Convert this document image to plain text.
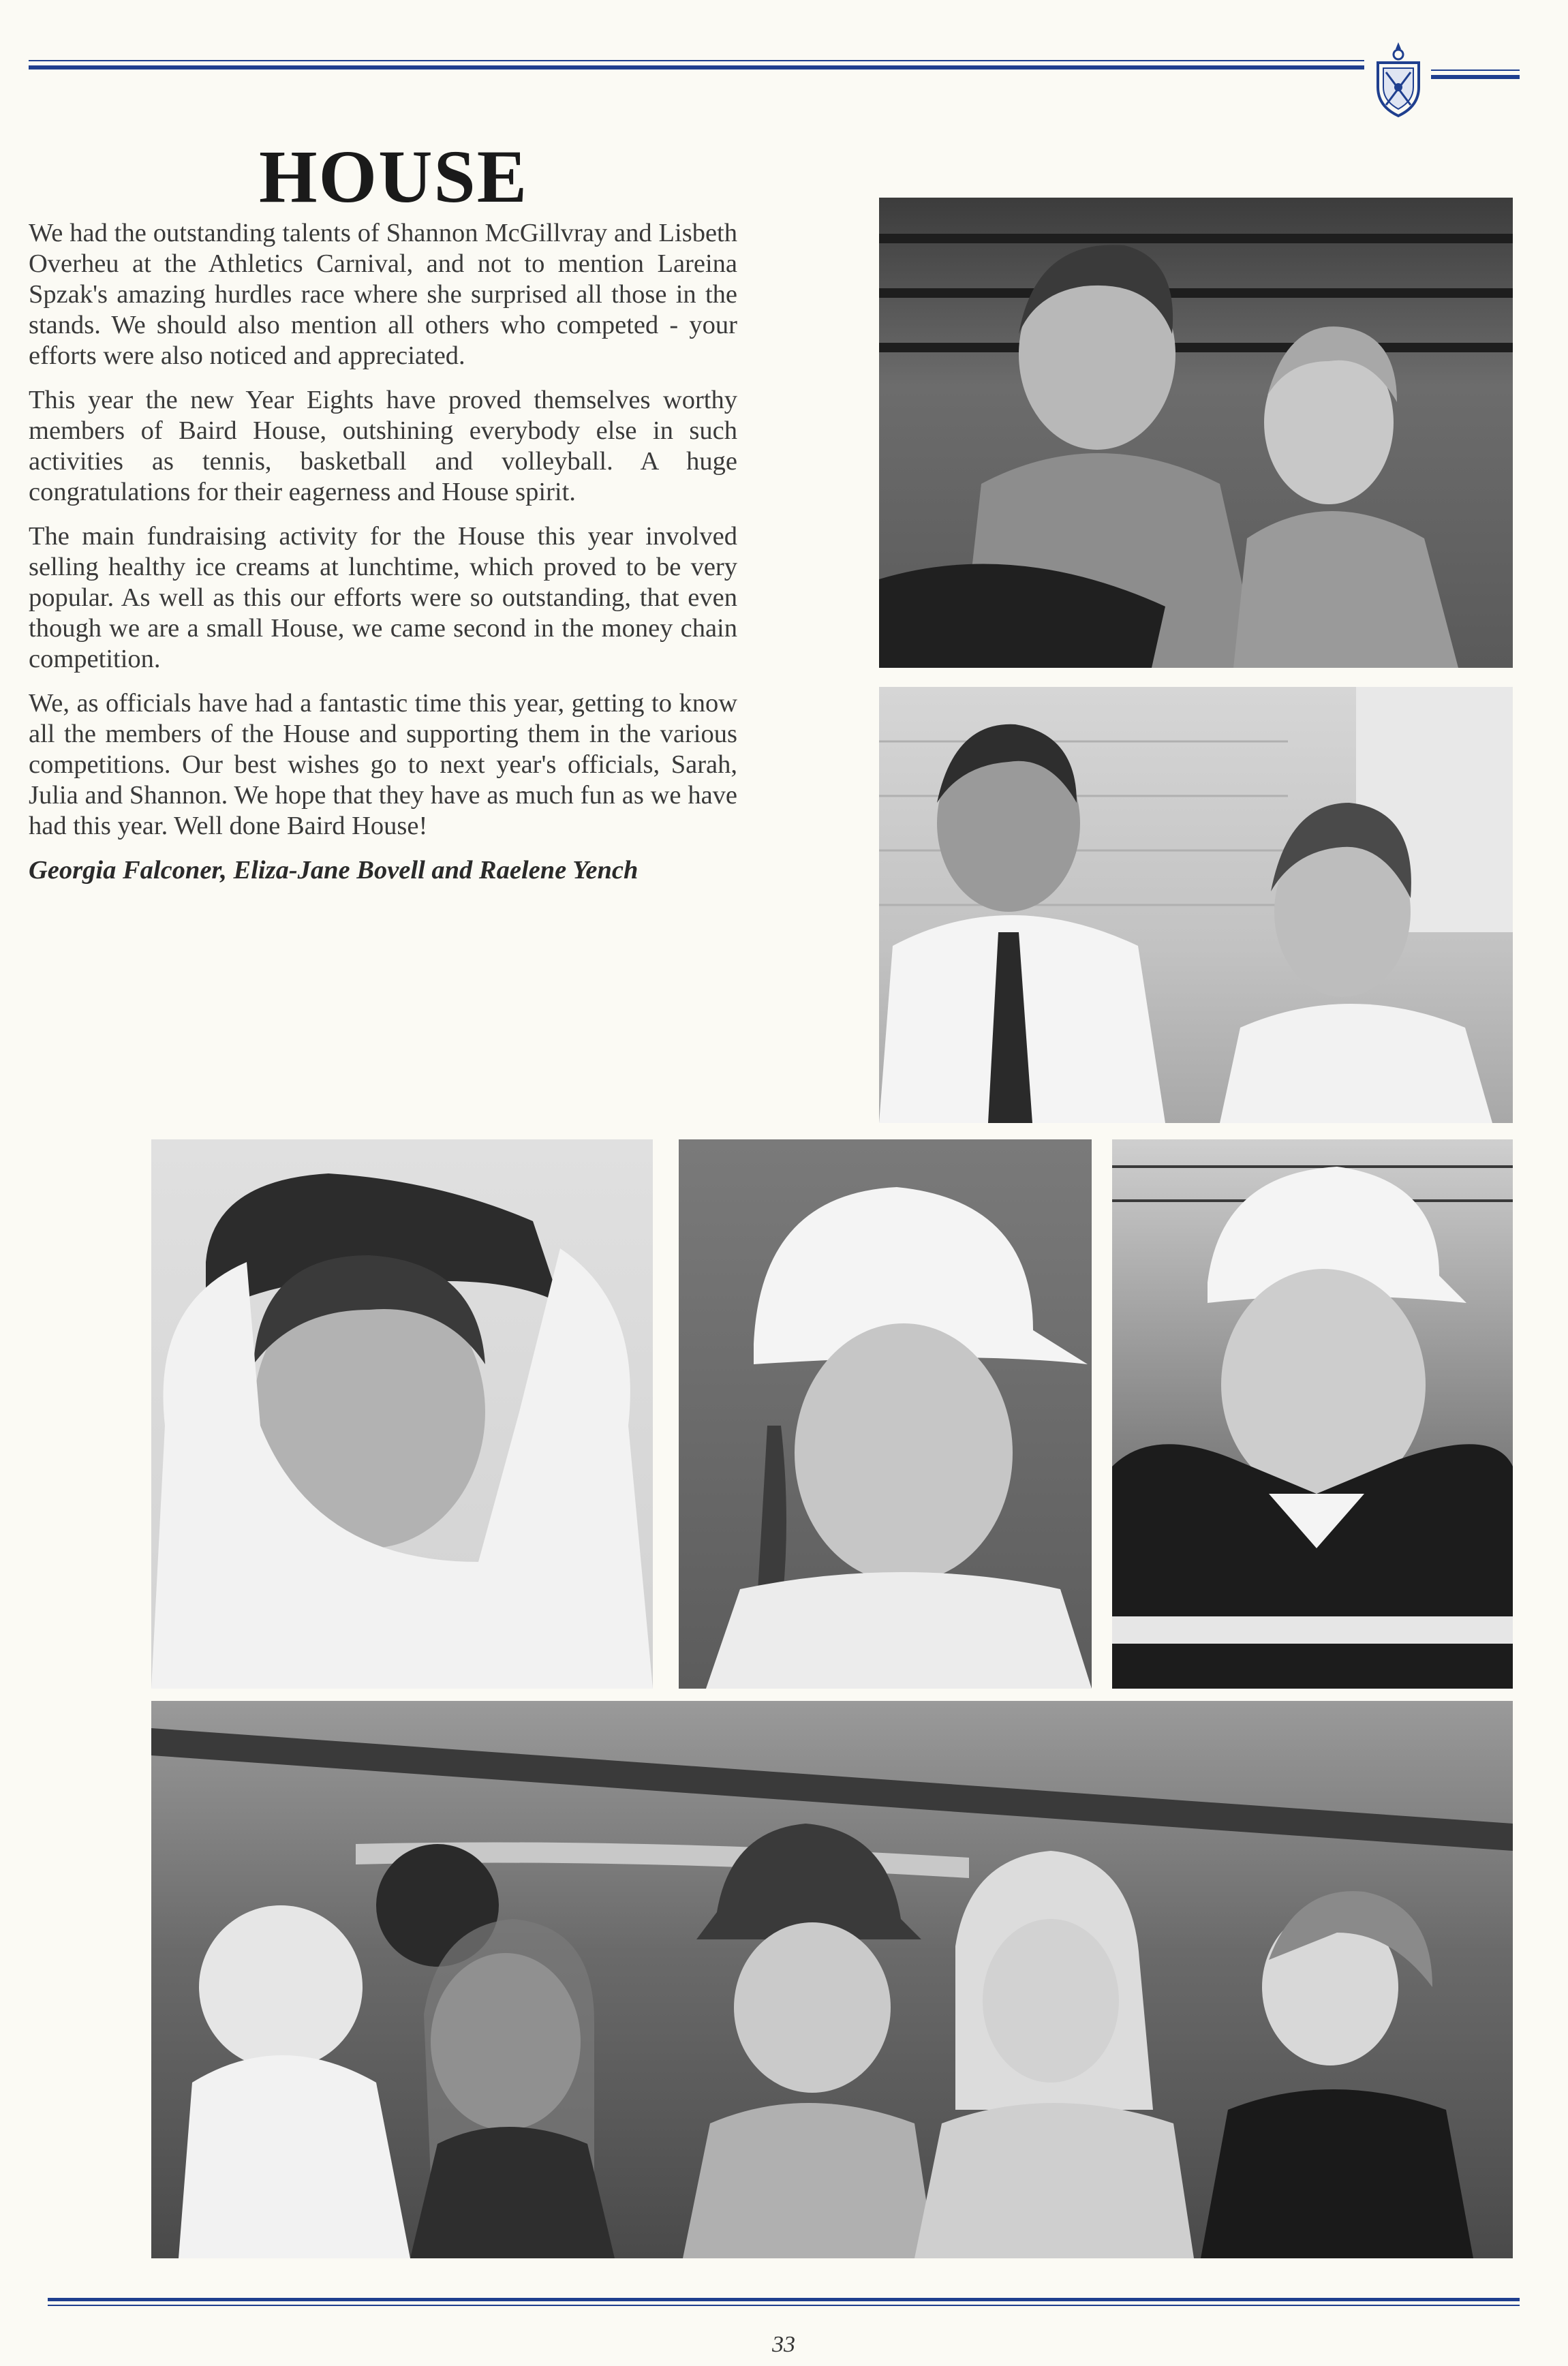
HOUSE

We had the outstanding talents of Shannon McGillvray and Lisbeth Overheu at the Athletics Carnival, and not to mention Lareina Spzak's amazing hurdles race where she surprised all those in the stands. We should also mention all others who competed - your efforts were also noticed and appreciated.

This year the new Year Eights have proved themselves worthy members of Baird House, outshining everybody else in such activities as tennis, basketball and volleyball. A huge congratulations for their eagerness and House spirit.

The main fundraising activity for the House this year involved selling healthy ice creams at lunchtime, which proved to be very popular. As well as this our efforts were so outstanding, that even though we are a small House, we came second in the money chain competition.

We, as officials have had a fantastic time this year, getting to know all the members of the House and supporting them in the various competitions. Our best wishes go to next year's officials, Sarah, Julia and Shannon. We hope that they have as much fun as we have had this year. Well done Baird House!

Georgia Falconer, Eliza-Jane Bovell and Raelene Yench

33
